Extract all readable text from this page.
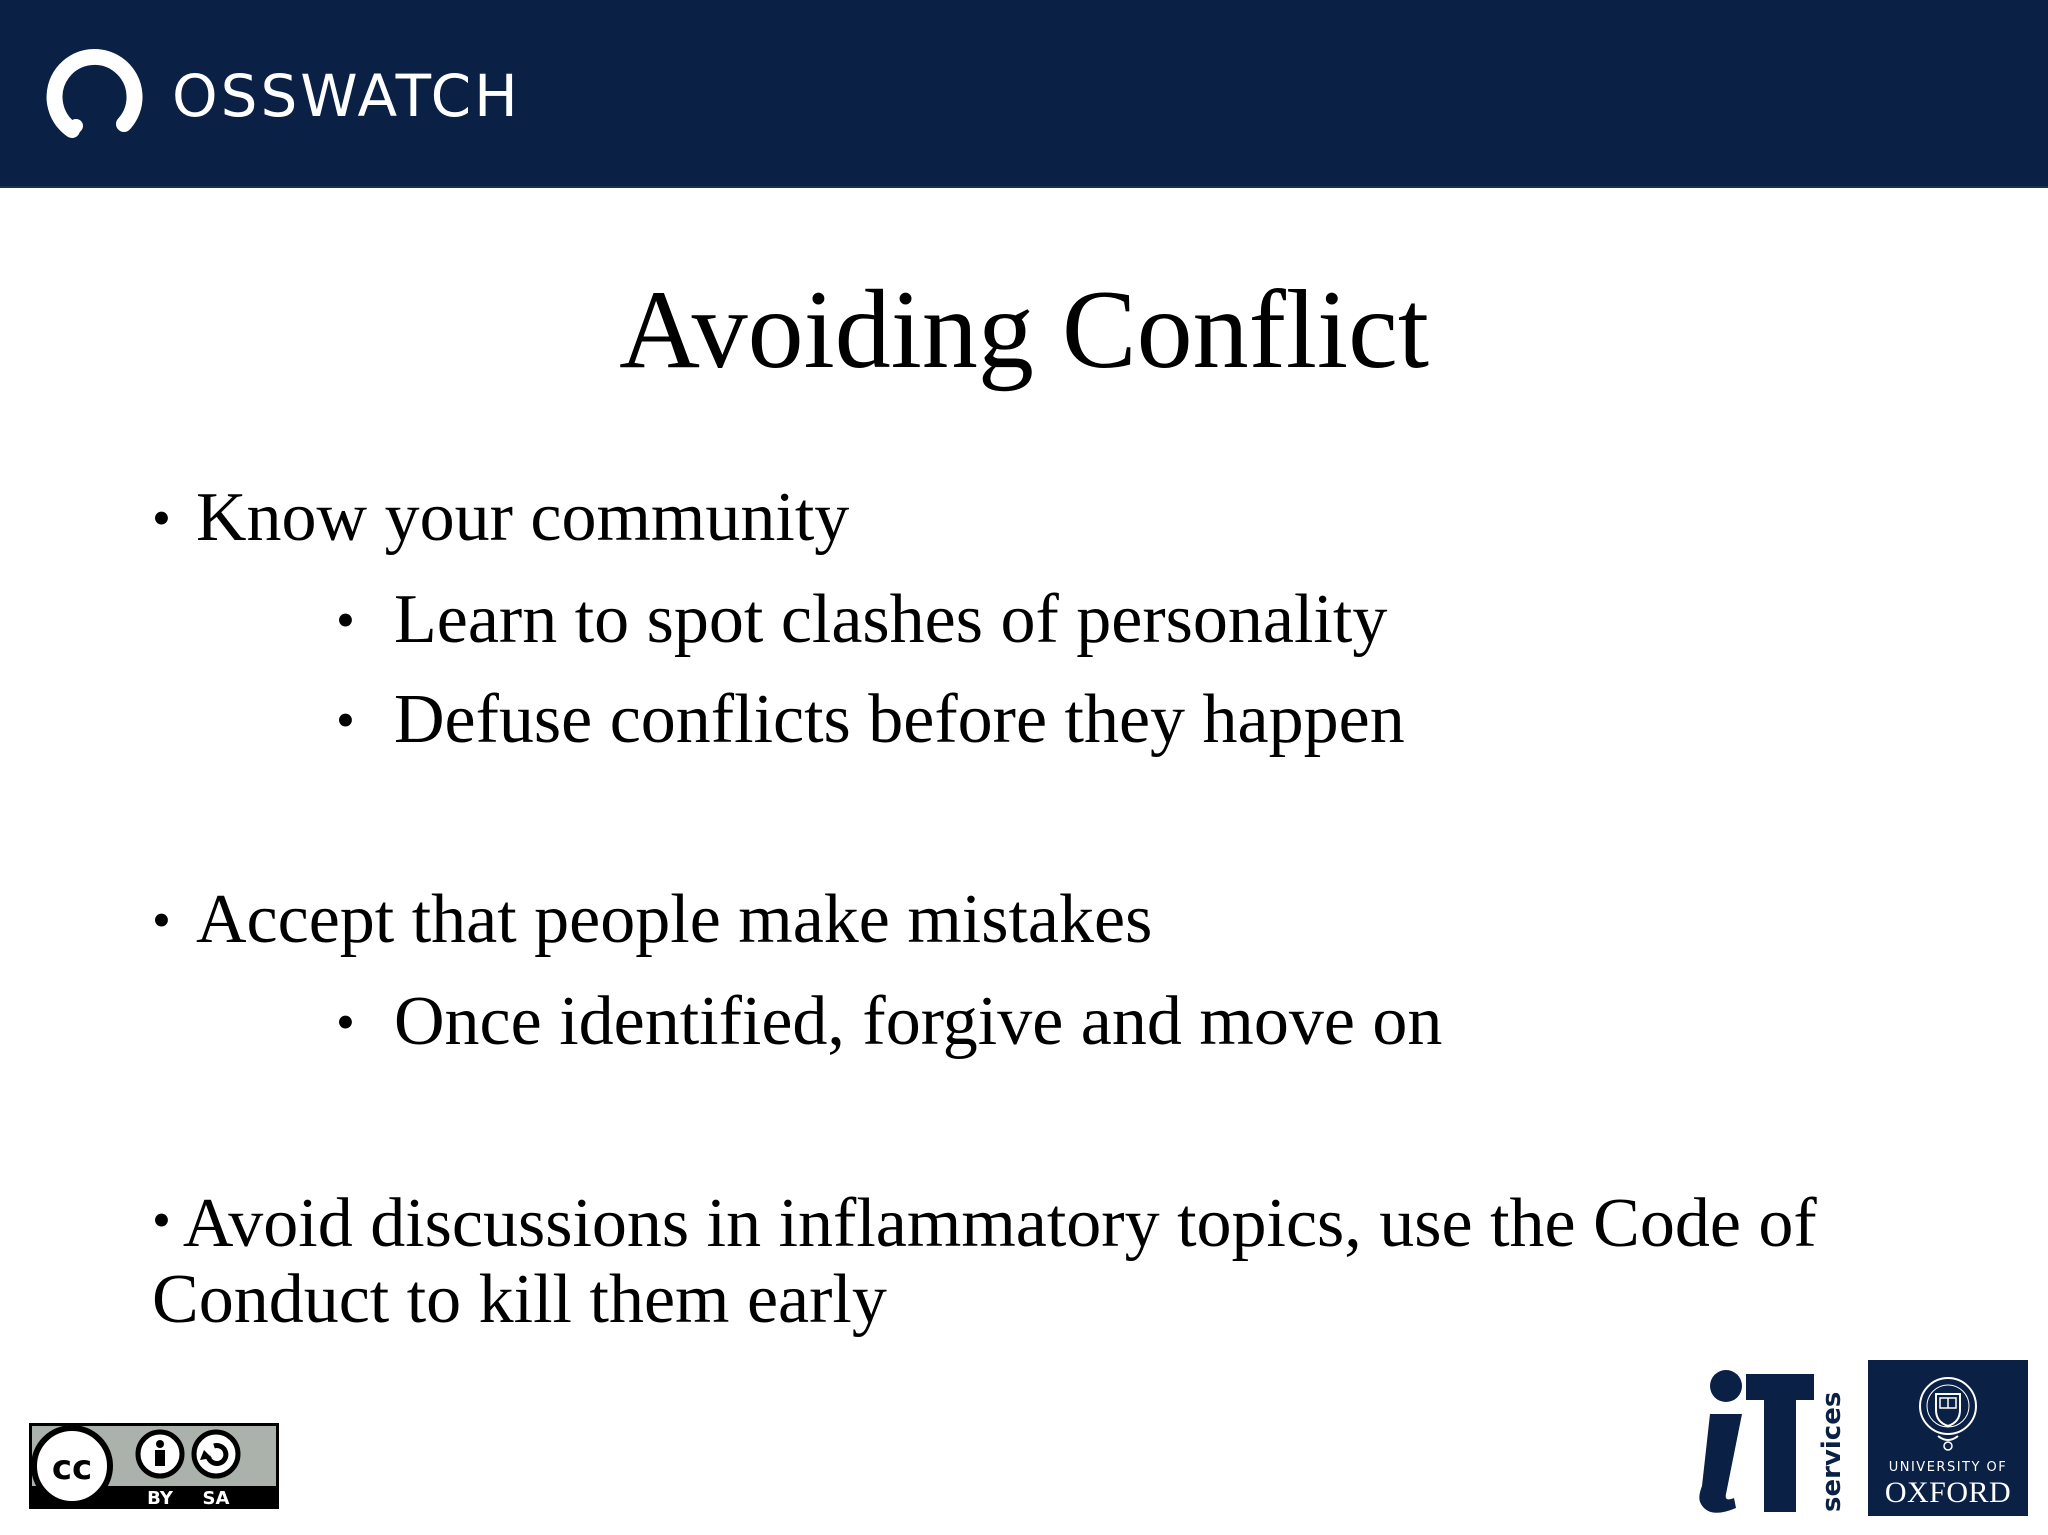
OSSWATCH
Avoiding Conflict
• Know your community
• Learn to spot clashes of personality
• Defuse conflicts before they happen
• Accept that people make mistakes
• Once identified, forgive and move on

• Avoid discussions in inflammatory topics, use the Code of Conduct to kill them early

cc
BY SA	services	UNIVERSITY OF
OXFORD
